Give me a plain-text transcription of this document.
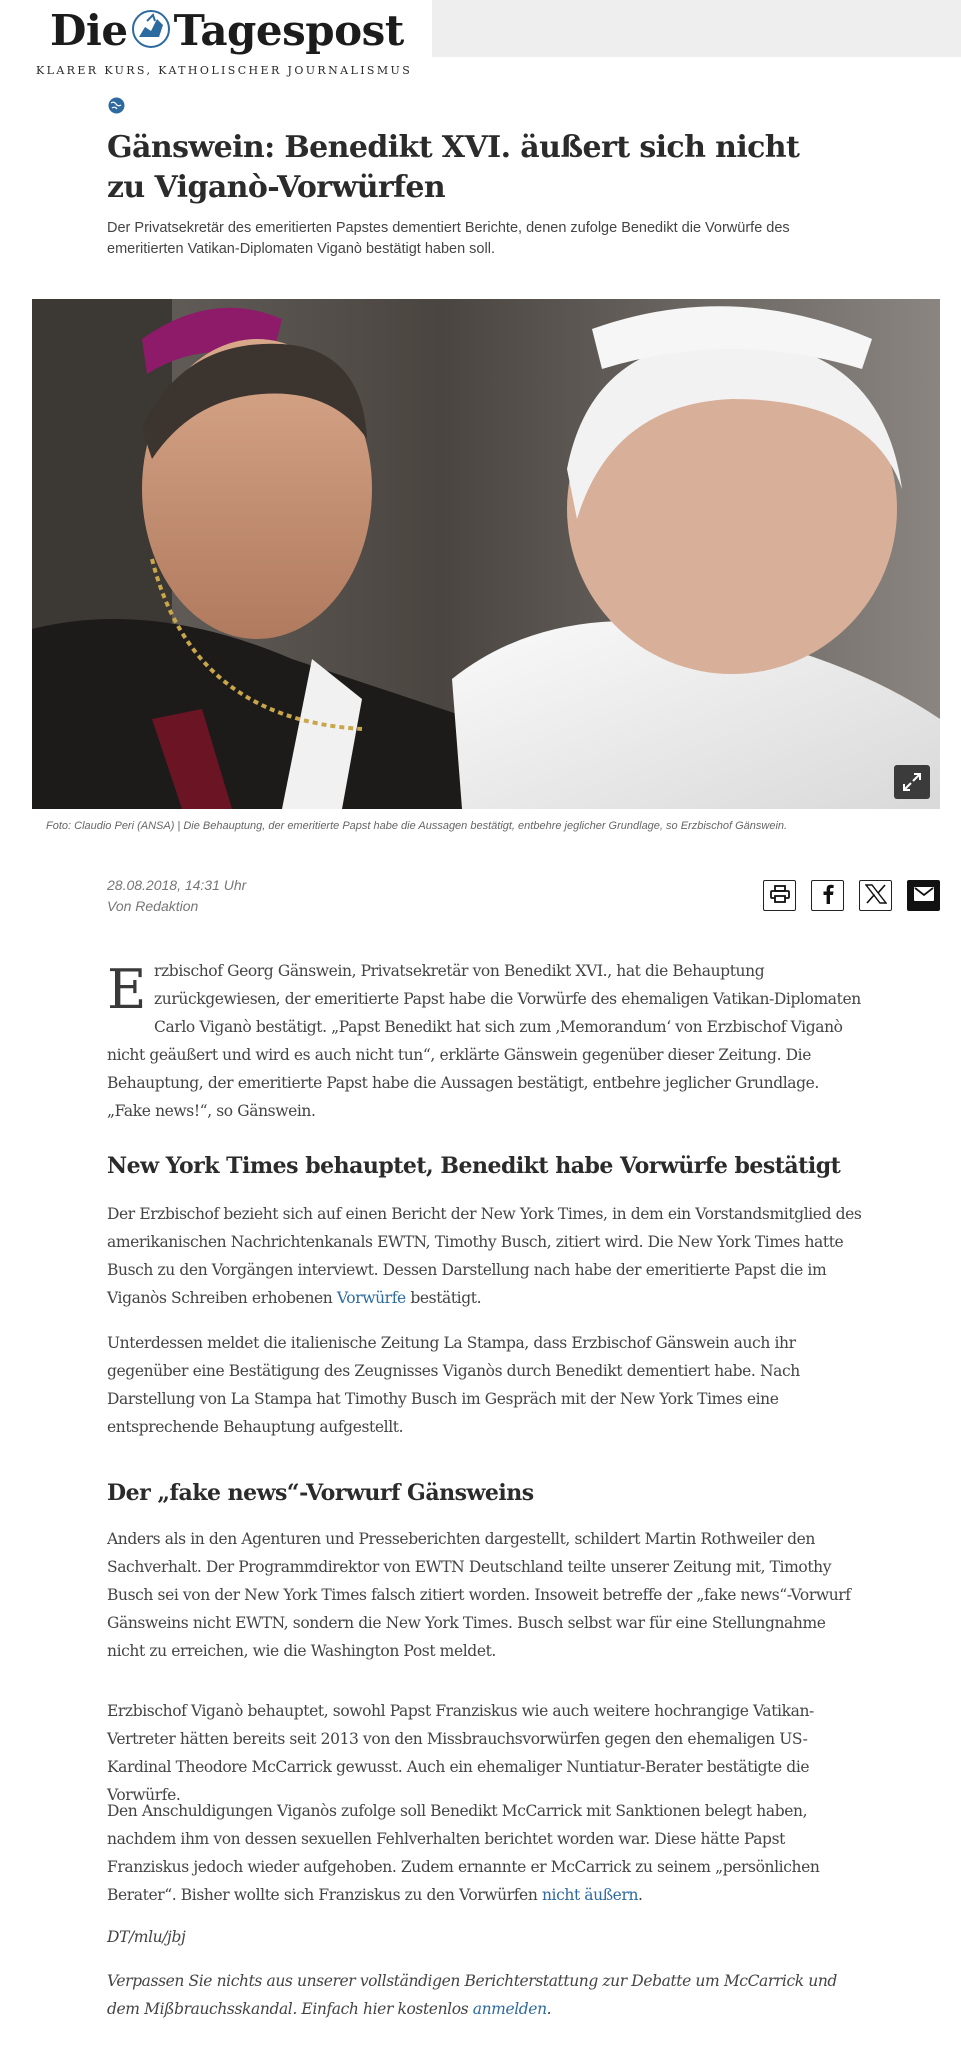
Die Tagespost
KLARER KURS, KATHOLISCHER JOURNALISMUS
Gänswein: Benedikt XVI. äußert sich nicht zu Viganò-Vorwürfen

Der Privatsekretär des emeritierten Papstes dementiert Berichte, denen zufolge Benedikt die Vorwürfe des emeritierten Vatikan-Diplomaten Viganò bestätigt haben soll.

Foto: Claudio Peri (ANSA) | Die Behauptung, der emeritierte Papst habe die Aussagen bestätigt, entbehre jeglicher Grundlage, so Erzbischof Gänswein.
28.08.2018, 14:31 Uhr
Von Redaktion
Erzbischof Georg Gänswein, Privatsekretär von Benedikt XVI., hat die Behauptung zurückgewiesen, der emeritierte Papst habe die Vorwürfe des ehemaligen Vatikan-Diplomaten Carlo Viganò bestätigt. „Papst Benedikt hat sich zum ‚Memorandum‘ von Erzbischof Viganò nicht geäußert und wird es auch nicht tun“, erklärte Gänswein gegenüber dieser Zeitung. Die Behauptung, der emeritierte Papst habe die Aussagen bestätigt, entbehre jeglicher Grundlage. „Fake news!“, so Gänswein.
New York Times behauptet, Benedikt habe Vorwürfe bestätigt
Der Erzbischof bezieht sich auf einen Bericht der New York Times, in dem ein Vorstandsmitglied des amerikanischen Nachrichtenkanals EWTN, Timothy Busch, zitiert wird. Die New York Times hatte Busch zu den Vorgängen interviewt. Dessen Darstellung nach habe der emeritierte Papst die im Viganòs Schreiben erhobenen Vorwürfe bestätigt.
Unterdessen meldet die italienische Zeitung La Stampa, dass Erzbischof Gänswein auch ihr gegenüber eine Bestätigung des Zeugnisses Viganòs durch Benedikt dementiert habe. Nach Darstellung von La Stampa hat Timothy Busch im Gespräch mit der New York Times eine entsprechende Behauptung aufgestellt.
Der „fake news“-Vorwurf Gänsweins
Anders als in den Agenturen und Presseberichten dargestellt, schildert Martin Rothweiler den Sachverhalt. Der Programmdirektor von EWTN Deutschland teilte unserer Zeitung mit, Timothy Busch sei von der New York Times falsch zitiert worden. Insoweit betreffe der „fake news“-Vorwurf Gänsweins nicht EWTN, sondern die New York Times. Busch selbst war für eine Stellungnahme nicht zu erreichen, wie die Washington Post meldet.
Erzbischof Viganò behauptet, sowohl Papst Franziskus wie auch weitere hochrangige Vatikan-Vertreter hätten bereits seit 2013 von den Missbrauchsvorwürfen gegen den ehemaligen US-Kardinal Theodore McCarrick gewusst. Auch ein ehemaliger Nuntiatur-Berater bestätigte die Vorwürfe.
Den Anschuldigungen Viganòs zufolge soll Benedikt McCarrick mit Sanktionen belegt haben, nachdem ihm von dessen sexuellen Fehlverhalten berichtet worden war. Diese hätte Papst Franziskus jedoch wieder aufgehoben. Zudem ernannte er McCarrick zu seinem „persönlichen Berater“. Bisher wollte sich Franziskus zu den Vorwürfen nicht äußern.
DT/mlu/jbj
Verpassen Sie nichts aus unserer vollständigen Berichterstattung zur Debatte um McCarrick und dem Mißbrauchsskandal. Einfach hier kostenlos anmelden.
